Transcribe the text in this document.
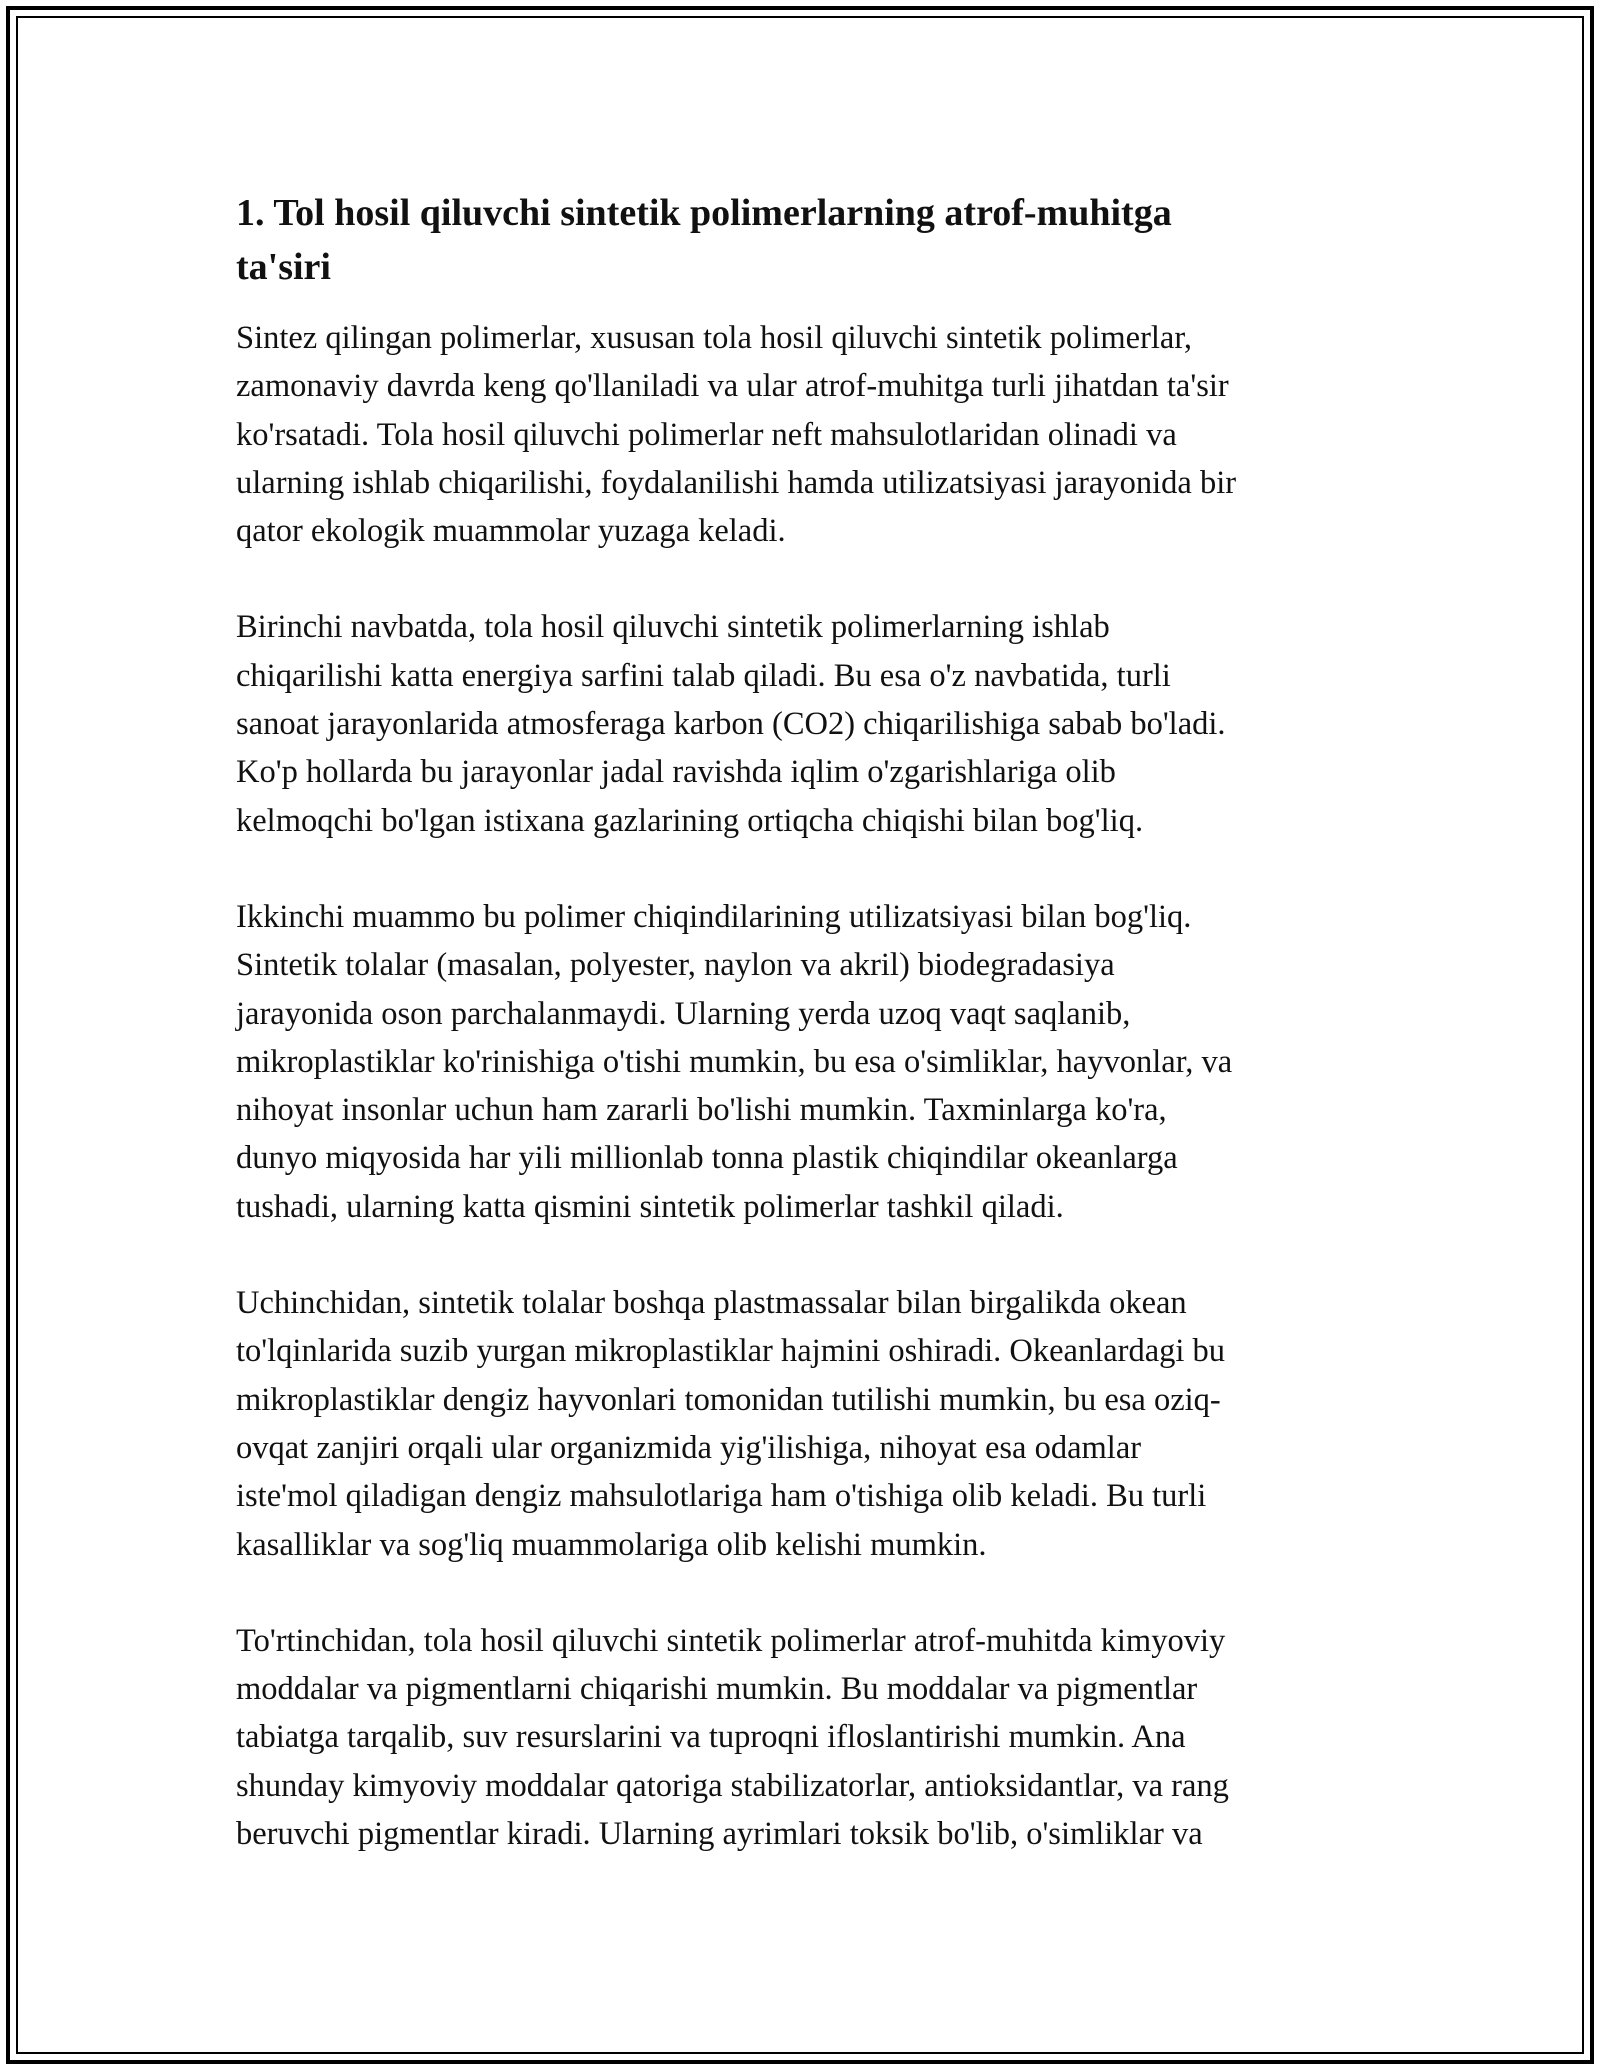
1. Tol hosil qiluvchi sintetik polimerlarning atrof-muhitga
ta'siri

Sintez qilingan polimerlar, xususan tola hosil qiluvchi sintetik polimerlar,
zamonaviy davrda keng qo'llaniladi va ular atrof-muhitga turli jihatdan ta'sir
ko'rsatadi. Tola hosil qiluvchi polimerlar neft mahsulotlaridan olinadi va
ularning ishlab chiqarilishi, foydalanilishi hamda utilizatsiyasi jarayonida bir
qator ekologik muammolar yuzaga keladi.

Birinchi navbatda, tola hosil qiluvchi sintetik polimerlarning ishlab
chiqarilishi katta energiya sarfini talab qiladi. Bu esa o'z navbatida, turli
sanoat jarayonlarida atmosferaga karbon (CO2) chiqarilishiga sabab bo'ladi.
Ko'p hollarda bu jarayonlar jadal ravishda iqlim o'zgarishlariga olib
kelmoqchi bo'lgan istixana gazlarining ortiqcha chiqishi bilan bog'liq.

Ikkinchi muammo bu polimer chiqindilarining utilizatsiyasi bilan bog'liq.
Sintetik tolalar (masalan, polyester, naylon va akril) biodegradasiya
jarayonida oson parchalanmaydi. Ularning yerda uzoq vaqt saqlanib,
mikroplastiklar ko'rinishiga o'tishi mumkin, bu esa o'simliklar, hayvonlar, va
nihoyat insonlar uchun ham zararli bo'lishi mumkin. Taxminlarga ko'ra,
dunyo miqyosida har yili millionlab tonna plastik chiqindilar okeanlarga
tushadi, ularning katta qismini sintetik polimerlar tashkil qiladi.

Uchinchidan, sintetik tolalar boshqa plastmassalar bilan birgalikda okean
to'lqinlarida suzib yurgan mikroplastiklar hajmini oshiradi. Okeanlardagi bu
mikroplastiklar dengiz hayvonlari tomonidan tutilishi mumkin, bu esa oziq-
ovqat zanjiri orqali ular organizmida yig'ilishiga, nihoyat esa odamlar
iste'mol qiladigan dengiz mahsulotlariga ham o'tishiga olib keladi. Bu turli
kasalliklar va sog'liq muammolariga olib kelishi mumkin.

To'rtinchidan, tola hosil qiluvchi sintetik polimerlar atrof-muhitda kimyoviy
moddalar va pigmentlarni chiqarishi mumkin. Bu moddalar va pigmentlar
tabiatga tarqalib, suv resurslarini va tuproqni ifloslantirishi mumkin. Ana
shunday kimyoviy moddalar qatoriga stabilizatorlar, antioksidantlar, va rang
beruvchi pigmentlar kiradi. Ularning ayrimlari toksik bo'lib, o'simliklar va
